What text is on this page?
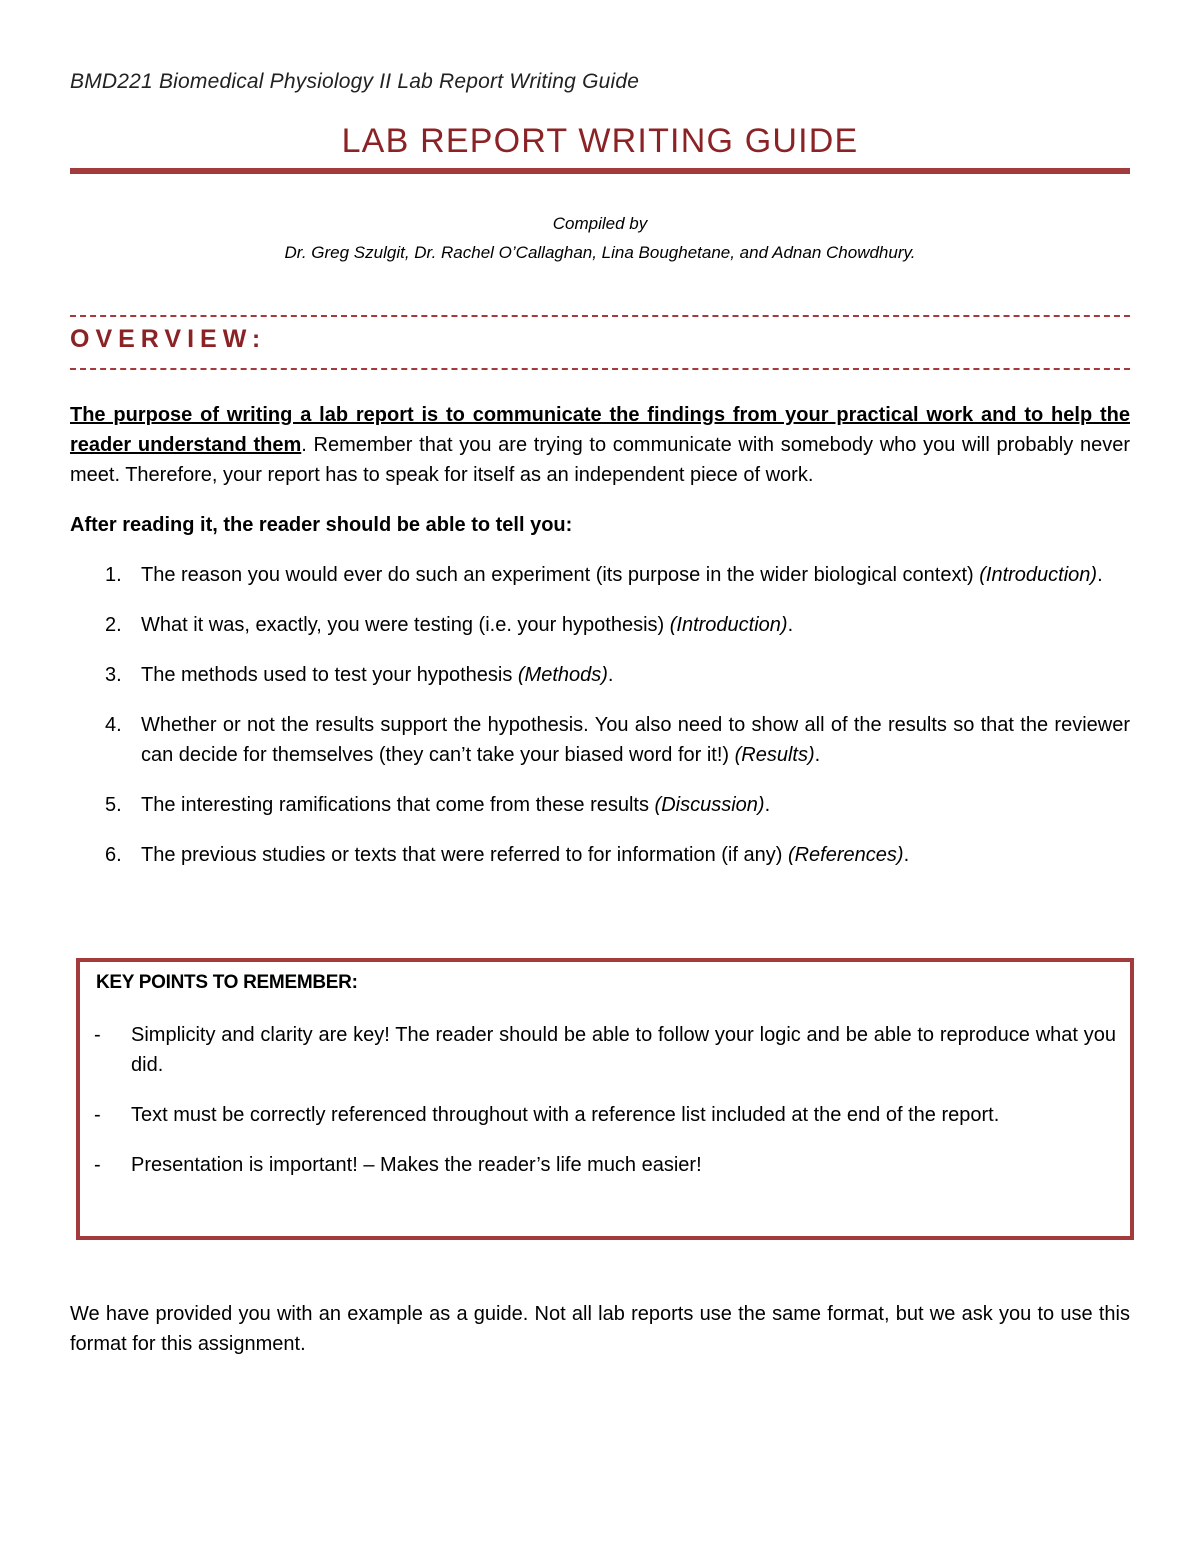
BMD221 Biomedical Physiology II Lab Report Writing Guide
LAB REPORT WRITING GUIDE
Compiled by
Dr. Greg Szulgit, Dr. Rachel O’Callaghan, Lina Boughetane, and Adnan Chowdhury.
OVERVIEW:

The purpose of writing a lab report is to communicate the findings from your practical work and to help the reader understand them. Remember that you are trying to communicate with somebody who you will probably never meet. Therefore, your report has to speak for itself as an independent piece of work.

After reading it, the reader should be able to tell you:

1. The reason you would ever do such an experiment (its purpose in the wider biological context) (Introduction).
2. What it was, exactly, you were testing (i.e. your hypothesis) (Introduction).
3. The methods used to test your hypothesis (Methods).
4. Whether or not the results support the hypothesis. You also need to show all of the results so that the reviewer can decide for themselves (they can’t take your biased word for it!) (Results).
5. The interesting ramifications that come from these results (Discussion).
6. The previous studies or texts that were referred to for information (if any) (References).
KEY POINTS TO REMEMBER:
- Simplicity and clarity are key! The reader should be able to follow your logic and be able to reproduce what you did.
- Text must be correctly referenced throughout with a reference list included at the end of the report.
- Presentation is important! – Makes the reader’s life much easier!

We have provided you with an example as a guide. Not all lab reports use the same format, but we ask you to use this format for this assignment.
